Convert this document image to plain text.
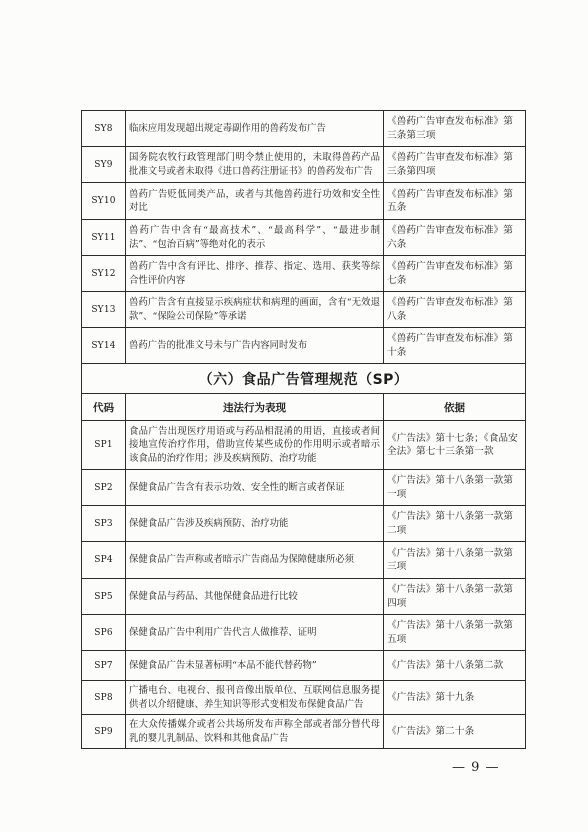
SY8	临床应用发现超出规定毒副作用的兽药发布广告	《兽药广告审查发布标准》第三条第三项
SY9	国务院农牧行政管理部门明令禁止使用的，未取得兽药产品批准文号或者未取得《进口兽药注册证书》的兽药发布广告	《兽药广告审查发布标准》第三条第四项
SY10	兽药广告贬低同类产品，或者与其他兽药进行功效和安全性对比	《兽药广告审查发布标准》第五条
SY11	兽药广告中含有“最高技术”、“最高科学”、“最进步制法”、“包治百病”等绝对化的表示	《兽药广告审查发布标准》第六条
SY12	兽药广告中含有评比、排序、推荐、指定、选用、获奖等综合性评价内容	《兽药广告审查发布标准》第七条
SY13	兽药广告含有直接显示疾病症状和病理的画面，含有“无效退款”、“保险公司保险”等承诺	《兽药广告审查发布标准》第八条
SY14	兽药广告的批准文号未与广告内容同时发布	《兽药广告审查发布标准》第十条
（六）食品广告管理规范（SP）		
代码	违法行为表现	依据
SP1	食品广告出现医疗用语或与药品相混淆的用语，直接或者间接地宣传治疗作用，借助宣传某些成份的作用明示或者暗示该食品的治疗作用；涉及疾病预防、治疗功能	《广告法》第十七条；《食品安全法》第七十三条第一款
SP2	保健食品广告含有表示功效、安全性的断言或者保证	《广告法》第十八条第一款第一项
SP3	保健食品广告涉及疾病预防、治疗功能	《广告法》第十八条第一款第二项
SP4	保健食品广告声称或者暗示广告商品为保障健康所必须	《广告法》第十八条第一款第三项
SP5	保健食品与药品、其他保健食品进行比较	《广告法》第十八条第一款第四项
SP6	保健食品广告中利用广告代言人做推荐、证明	《广告法》第十八条第一款第五项
SP7	保健食品广告未显著标明“本品不能代替药物”	《广告法》第十八条第二款
SP8	广播电台、电视台、报刊音像出版单位、互联网信息服务提供者以介绍健康、养生知识等形式变相发布保健食品广告	《广告法》第十九条
SP9	在大众传播媒介或者公共场所发布声称全部或者部分替代母乳的婴儿乳制品、饮料和其他食品广告	《广告法》第二十条
— 9 —
